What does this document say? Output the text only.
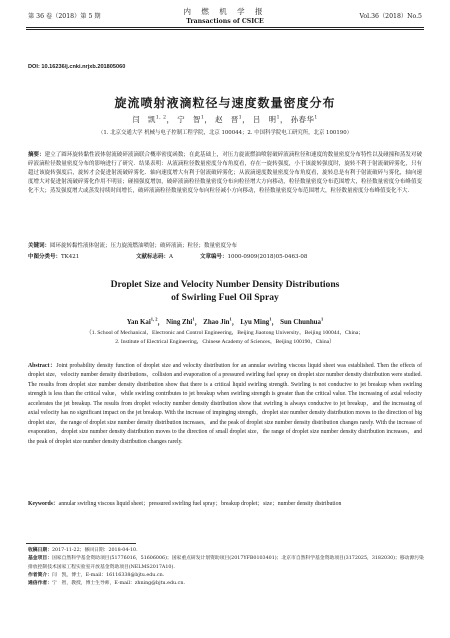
第 36 卷（2018）第 5 期
内 燃 机 学 报
Transactions of CSICE
Vol.36（2018）No.5
DOI: 10.16236/j.cnki.nrjxb.201805060
旋流喷射液滴粒径与速度数量密度分布
闫　凯$^{1, 2}$， 宁　智$^1$， 赵　晋$^1$， 吕　明$^1$， 孙春华$^1$
（1. 北京交通大学 机械与电子控制工程学院，北京 100044；2. 中国科学院电工研究所，北京 100190）
摘要：建立了圆环旋转黏性液体射流破碎液滴联合概率密度函数；在此基础上，对压力旋流燃油喷射破碎液滴粒径和速度的数量密度分布特性以及碰撞和蒸发对破碎液滴粒径数量密度分布的影响进行了研究．结果表明：从液滴粒径数量密度分布角度看，存在一旋转强度，小于该旋转强度时，旋转不利于射流破碎雾化，只有超过该旋转强度后，旋转才会促进射流破碎雾化．轴向速度增大有利于射流破碎雾化；从液滴速度数量密度分布角度看，旋转总是有利于射流破碎与雾化，轴向速度增大对促进射流破碎雾化作用不明显；碰撞强度增加，破碎液滴粒径数量密度分布向粒径增大方向移动，粒径数量密度分布范围增大，粒径数量密度分布峰值变化不大；蒸发强度增大或蒸发持续时间增长，破碎液滴粒径数量密度分布向粒径减小方向移动，粒径数量密度分布范围增大，粒径数量密度分布峰值变化不大．
关键词：圆环旋转黏性液体射流；压力旋流燃油喷射；破碎液滴；粒径；数量密度分布
中图分类号：TK421	文献标志码：A	文章编号：1000-0909(2018)05-0463-08
Droplet Size and Velocity Number Density Distributions
of Swirling Fuel Oil Spray
Yan Kai$^{1, 2}$， Ning Zhi$^1$， Zhao Jin$^1$， Lyu Ming$^1$， Sun Chunhua$^1$
（1. School of Mechanical，Electronic and Control Engineering，Beijing Jiaotong University，Beijing 100044，China；
2. Institute of Electrical Engineering，Chinese Academy of Sciences，Beijing 100190，China）
Abstract：Joint probability density function of droplet size and velocity distribution for an annular swirling viscous liquid sheet was established. Then the effects of droplet size，velocity number density distributions，collision and evaporation of a pressured swirling fuel spray on droplet size number density distribution were studied. The results from droplet size number density distribution show that there is a critical liquid swirling strength. Swirling is not conducive to jet breakup when swirling strength is less than the critical value，while swirling contributes to jet breakup when swirling strength is greater than the critical value. The increasing of axial velocity accelerates the jet breakup. The results from droplet velocity number density distribution show that swirling is always conducive to jet breakup，and the increasing of axial velocity has no significant impact on the jet breakup. With the increase of impinging strength，droplet size number density distribution moves to the direction of big droplet size，the range of droplet size number density distribution increases，and the peak of droplet size number density distribution changes rarely. With the increase of evaporation，droplet size number density distribution moves to the direction of small droplet size，the range of droplet size number density distribution increases，and the peak of droplet size number density distribution changes rarely.
Keywords：annular swirling viscous liquid sheet；pressured swirling fuel spray；breakup droplet；size；number density distribution
收稿日期：2017-11-22；修回日期：2018-04-10.
基金项目：国家自然科学基金资助项目(51776016，51606006)；国家重点研发计划资助项目(2017YFB0103401)；北京市自然科学基金资助项目(3172025，3182030)；移动源污染排放控制技术国家工程实验室开放基金资助项目(NELMS2017A10).
作者简介：闫　凯，博士，E-mail：16116338@bjtu.edu.cn.
通信作者：宁　智，教授，博士生导师，E-mail：zhning@bjtu.edu.cn.
